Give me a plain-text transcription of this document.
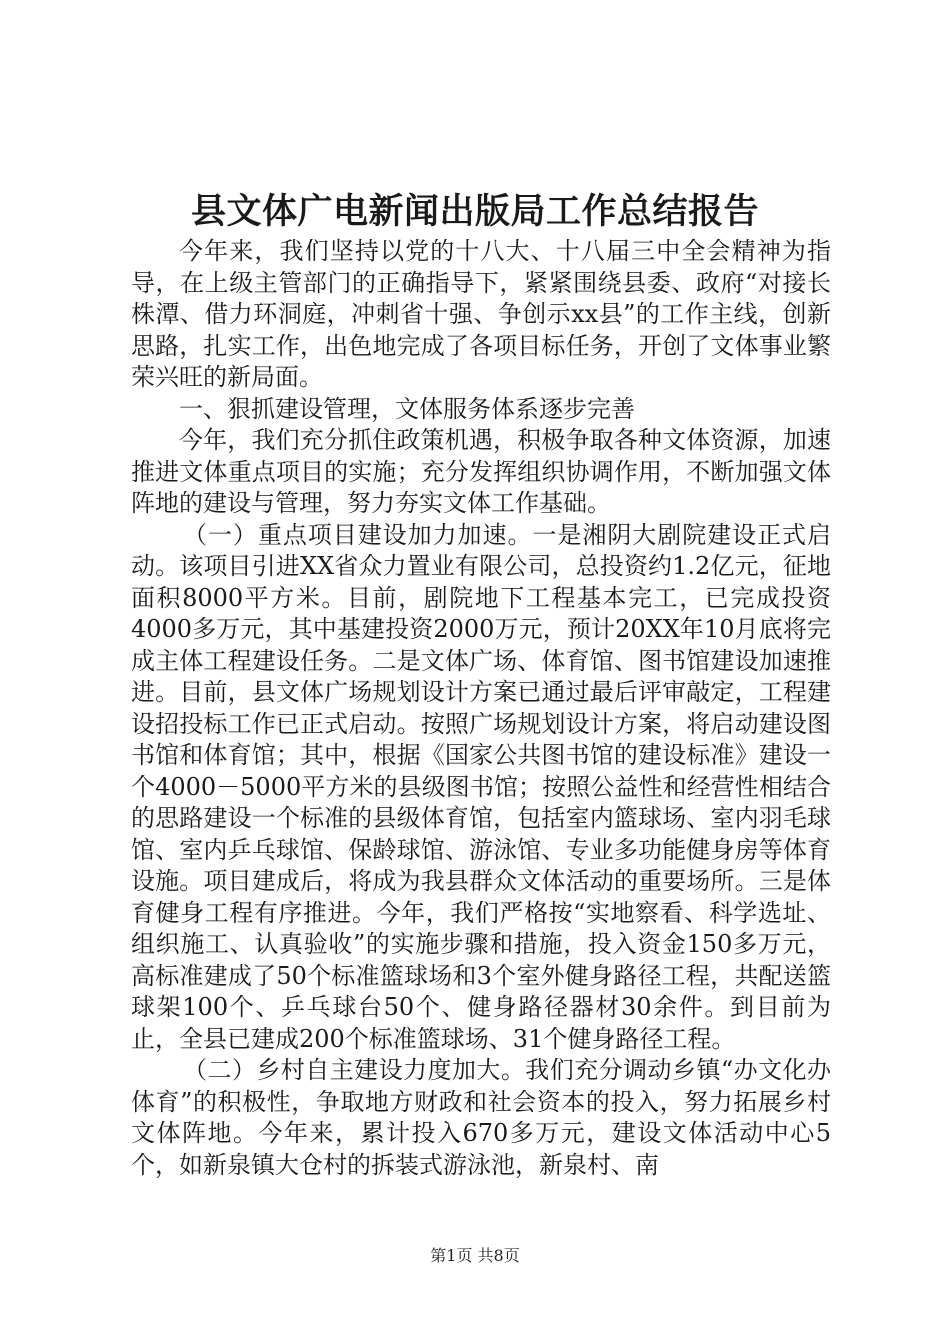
县文体广电新闻出版局工作总结报告

今年来，我们坚持以党的十八大、十八届三中全会精神为指导，在上级主管部门的正确指导下，紧紧围绕县委、政府“对接长株潭、借力环洞庭，冲刺省十强、争创示xx县”的工作主线，创新思路，扎实工作，出色地完成了各项目标任务，开创了文体事业繁荣兴旺的新局面。

一、狠抓建设管理，文体服务体系逐步完善

今年，我们充分抓住政策机遇，积极争取各种文体资源，加速推进文体重点项目的实施；充分发挥组织协调作用，不断加强文体阵地的建设与管理，努力夯实文体工作基础。

（一）重点项目建设加力加速。一是湘阴大剧院建设正式启动。该项目引进XX省众力置业有限公司，总投资约1.2亿元，征地面积8000平方米。目前，剧院地下工程基本完工，已完成投资4000多万元，其中基建投资2000万元，预计20XX年10月底将完成主体工程建设任务。二是文体广场、体育馆、图书馆建设加速推进。目前，县文体广场规划设计方案已通过最后评审敲定，工程建设招投标工作已正式启动。按照广场规划设计方案，将启动建设图书馆和体育馆；其中，根据《国家公共图书馆的建设标准》建设一个4000－5000平方米的县级图书馆；按照公益性和经营性相结合的思路建设一个标准的县级体育馆，包括室内篮球场、室内羽毛球馆、室内乒乓球馆、保龄球馆、游泳馆、专业多功能健身房等体育设施。项目建成后，将成为我县群众文体活动的重要场所。三是体育健身工程有序推进。今年，我们严格按“实地察看、科学选址、组织施工、认真验收”的实施步骤和措施，投入资金150多万元，高标准建成了50个标准篮球场和3个室外健身路径工程，共配送篮球架100个、乒乓球台50个、健身路径器材30余件。到目前为止，全县已建成200个标准篮球场、31个健身路径工程。

（二）乡村自主建设力度加大。我们充分调动乡镇“办文化办体育”的积极性，争取地方财政和社会资本的投入，努力拓展乡村文体阵地。今年来，累计投入670多万元，建设文体活动中心5个，如新泉镇大仓村的拆装式游泳池，新泉村、南

第1页 共8页
